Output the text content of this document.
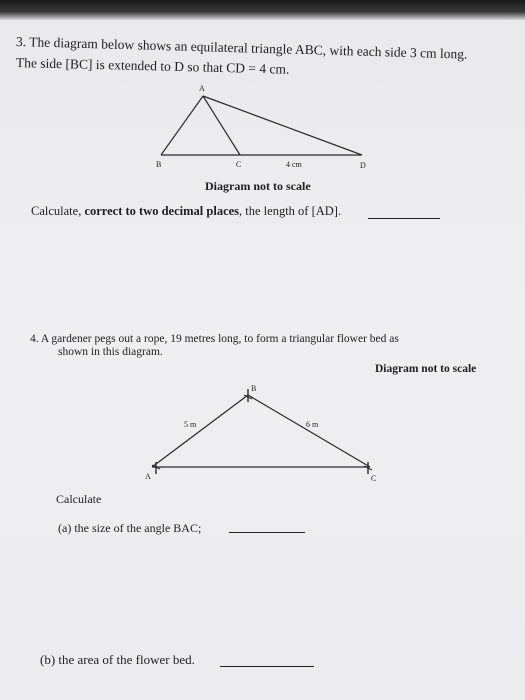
3. The diagram below shows an equilateral triangle ABC, with each side 3 cm long.
The side [BC] is extended to D so that CD = 4 cm.
A
B	C	4 cm	D
Diagram not to scale
Calculate, correct to two decimal places, the length of [AD].
4. A gardener pegs out a rope, 19 metres long, to form a triangular flower bed as
shown in this diagram.
Diagram not to scale
B
5 m	6 m
A	C
Calculate
(a) the size of the angle BAC;
(b) the area of the flower bed.
